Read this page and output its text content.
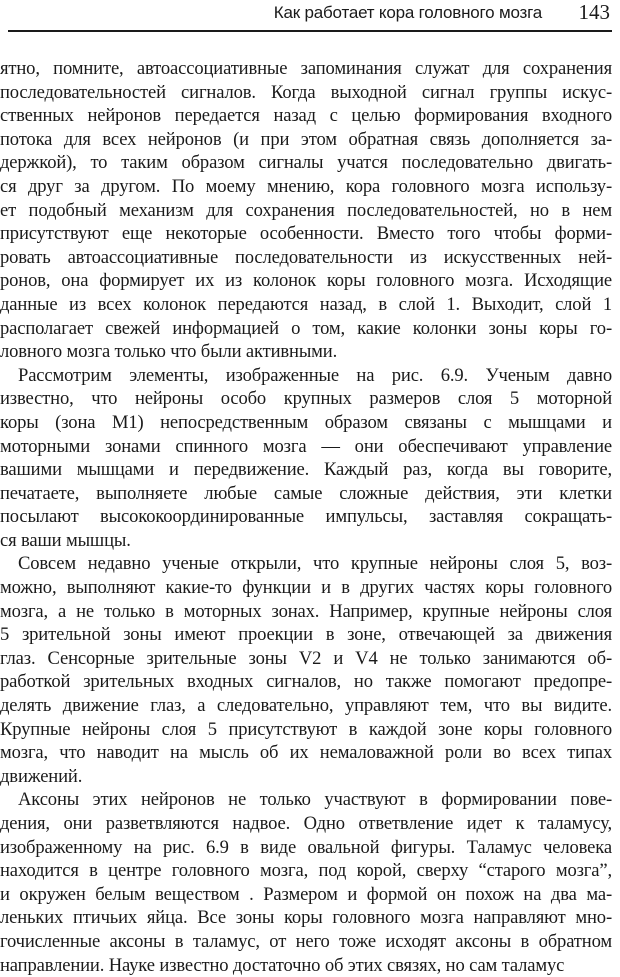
Как работает кора головного мозга 143
ятно, помните, автоассоциативные запоминания служат для сохранения
последовательностей сигналов. Когда выходной сигнал группы искус-
ственных нейронов передается назад с целью формирования входного
потока для всех нейронов (и при этом обратная связь дополняется за-
держкой), то таким образом сигналы учатся последовательно двигать-
ся друг за другом. По моему мнению, кора головного мозга использу-
ет подобный механизм для сохранения последовательностей, но в нем
присутствуют еще некоторые особенности. Вместо того чтобы форми-
ровать автоассоциативные последовательности из искусственных ней-
ронов, она формирует их из колонок коры головного мозга. Исходящие
данные из всех колонок передаются назад, в слой 1. Выходит, слой 1
располагает свежей информацией о том, какие колонки зоны коры го-
ловного мозга только что были активными.
Рассмотрим элементы, изображенные на рис. 6.9. Ученым давно
известно, что нейроны особо крупных размеров слоя 5 моторной
коры (зона M1) непосредственным образом связаны с мышцами и
моторными зонами спинного мозга — они обеспечивают управление
вашими мышцами и передвижение. Каждый раз, когда вы говорите,
печатаете, выполняете любые самые сложные действия, эти клетки
посылают высококоординированные импульсы, заставляя сокращать-
ся ваши мышцы.
Совсем недавно ученые открыли, что крупные нейроны слоя 5, воз-
можно, выполняют какие-то функции и в других частях коры головного
мозга, а не только в моторных зонах. Например, крупные нейроны слоя
5 зрительной зоны имеют проекции в зоне, отвечающей за движения
глаз. Сенсорные зрительные зоны V2 и V4 не только занимаются об-
работкой зрительных входных сигналов, но также помогают предопре-
делять движение глаз, а следовательно, управляют тем, что вы видите.
Крупные нейроны слоя 5 присутствуют в каждой зоне коры головного
мозга, что наводит на мысль об их немаловажной роли во всех типах
движений.
Аксоны этих нейронов не только участвуют в формировании пове-
дения, они разветвляются надвое. Одно ответвление идет к таламусу,
изображенному на рис. 6.9 в виде овальной фигуры. Таламус человека
находится в центре головного мозга, под корой, сверху “старого мозга”,
и окружен белым веществом . Размером и формой он похож на два ма-
леньких птичьих яйца. Все зоны коры головного мозга направляют мно-
гочисленные аксоны в таламус, от него тоже исходят аксоны в обратном
направлении. Науке известно достаточно об этих связях, но сам таламус
